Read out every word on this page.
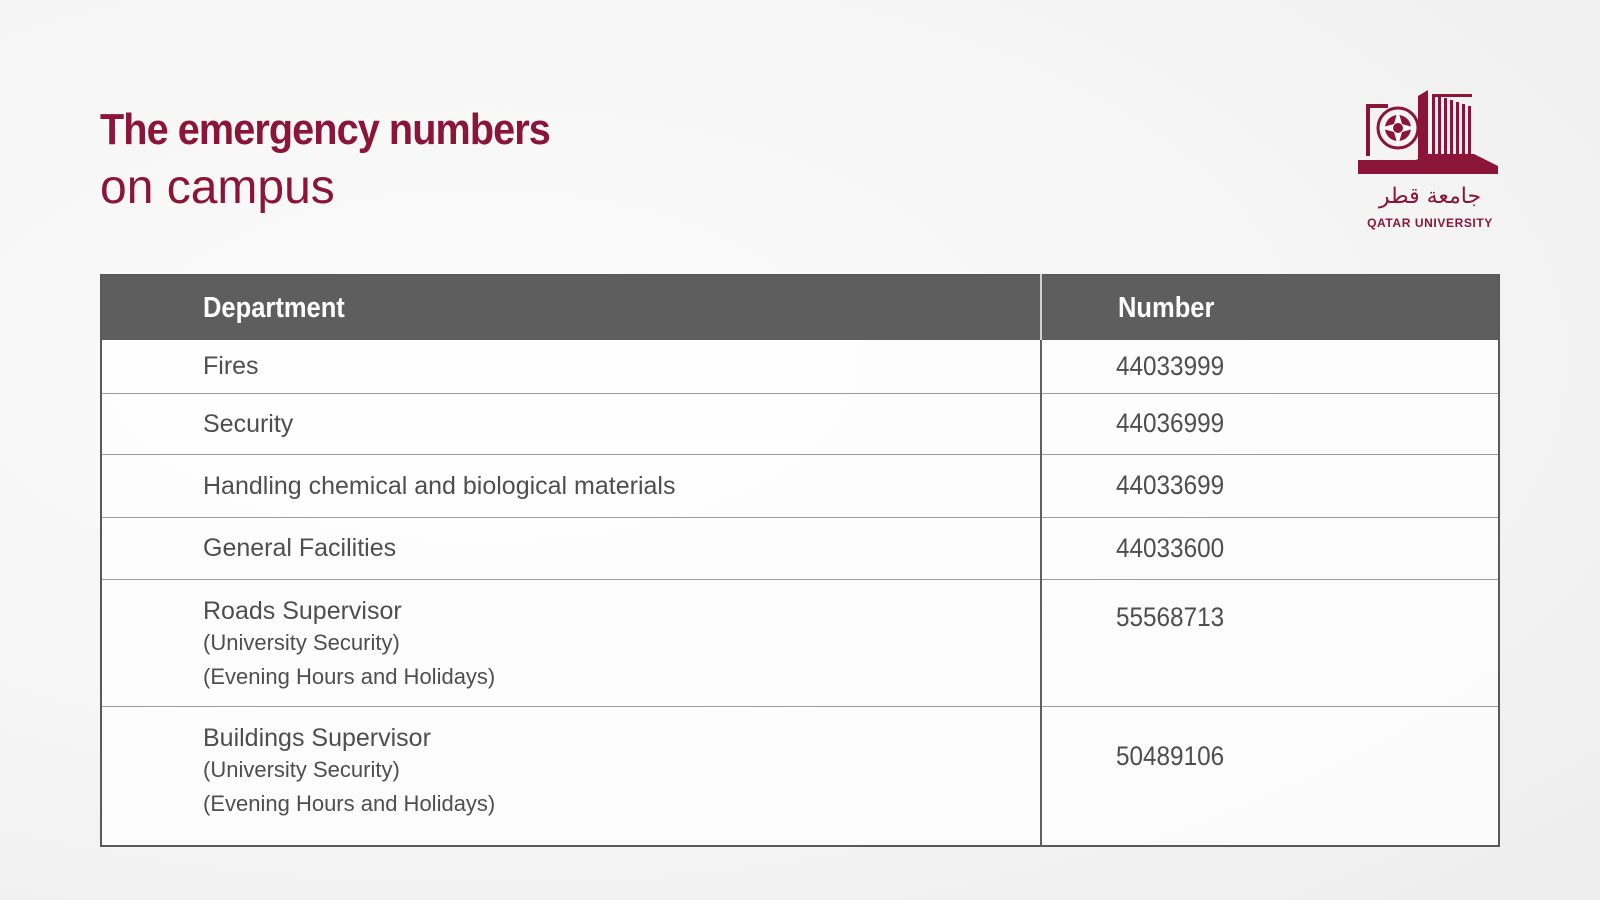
The emergency numbers
on campus	جامعة قطر
QATAR UNIVERSITY
Department	Number

Fires	44033999

Security	44036999

Handling chemical and biological materials	44033699

General Facilities	44033600

Roads Supervisor
(University Security)
(Evening Hours and Holidays)	55568713

Buildings Supervisor
(University Security)
(Evening Hours and Holidays)	50489106
